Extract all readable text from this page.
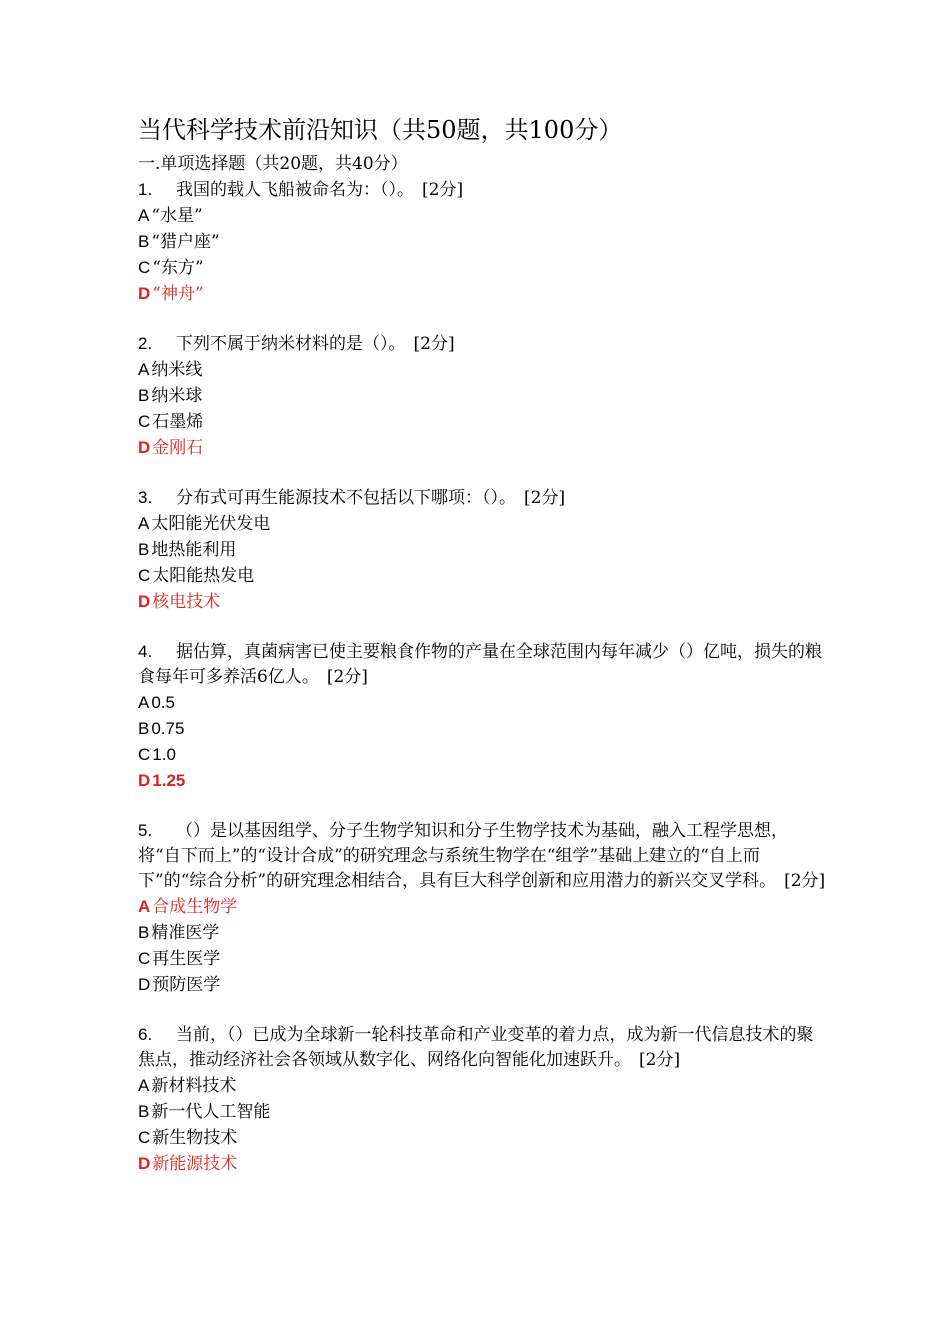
当代科学技术前沿知识（共50题，共100分）

一.单项选择题（共20题，共40分）

1. 我国的载人飞船被命名为：（）。 [2分]

A “水星”

B “猎户座”

C “东方”

D “神舟”

2. 下列不属于纳米材料的是（）。 [2分]

A 纳米线

B 纳米球

C 石墨烯

D 金刚石

3. 分布式可再生能源技术不包括以下哪项：（）。 [2分]

A 太阳能光伏发电

B 地热能利用

C 太阳能热发电

D 核电技术

4. 据估算，真菌病害已使主要粮食作物的产量在全球范围内每年减少（）亿吨，损失的粮食每年可多养活6亿人。 [2分]

A 0.5

B 0.75

C 1.0

D 1.25

5. （）是以基因组学、分子生物学知识和分子生物学技术为基础，融入工程学思想，将“自下而上”的“设计合成”的研究理念与系统生物学在“组学”基础上建立的“自上而下”的“综合分析”的研究理念相结合，具有巨大科学创新和应用潜力的新兴交叉学科。 [2分]

A 合成生物学

B 精准医学

C 再生医学

D 预防医学

6. 当前，（）已成为全球新一轮科技革命和产业变革的着力点，成为新一代信息技术的聚焦点，推动经济社会各领域从数字化、网络化向智能化加速跃升。 [2分]

A 新材料技术

B 新一代人工智能

C 新生物技术

D 新能源技术
